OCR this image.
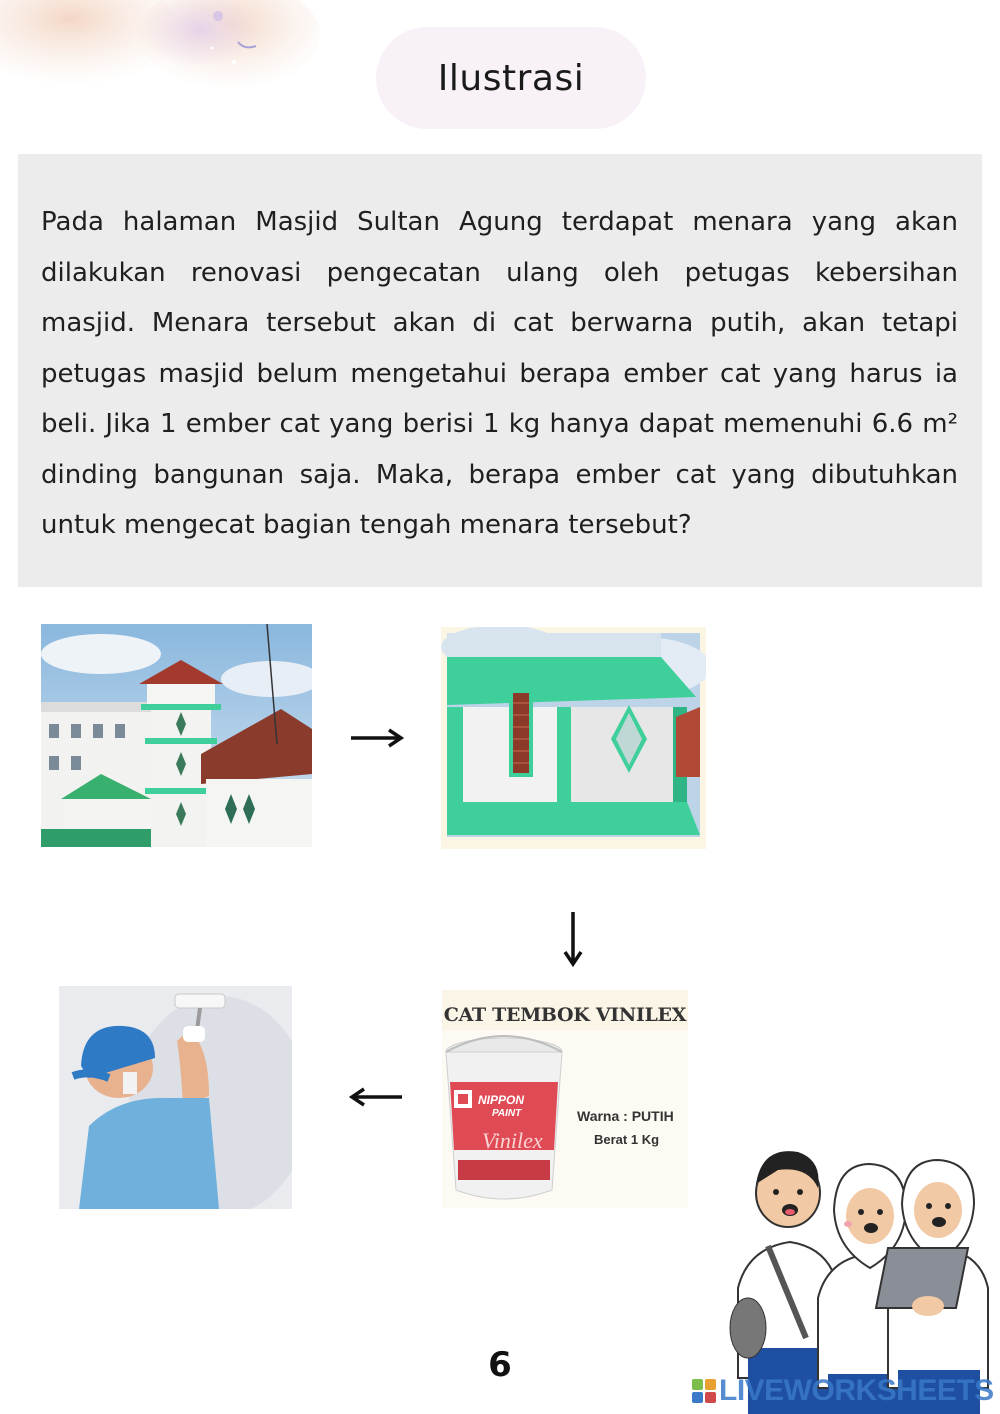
Ilustrasi

Pada halaman Masjid Sultan Agung terdapat menara yang akan dilakukan renovasi pengecatan ulang oleh petugas kebersihan masjid. Menara tersebut akan di cat berwarna putih, akan tetapi petugas masjid belum mengetahui berapa ember cat yang harus ia beli. Jika 1 ember cat yang berisi 1 kg hanya dapat memenuhi 6.6 m² dinding bangunan saja. Maka, berapa ember cat yang dibutuhkan untuk mengecat bagian tengah menara tersebut?

CAT TEMBOK VINILEX
NIPPON
PAINT
Vinilex
Warna : PUTIH
Berat 1 Kg
6
LIVEWORKSHEETS
